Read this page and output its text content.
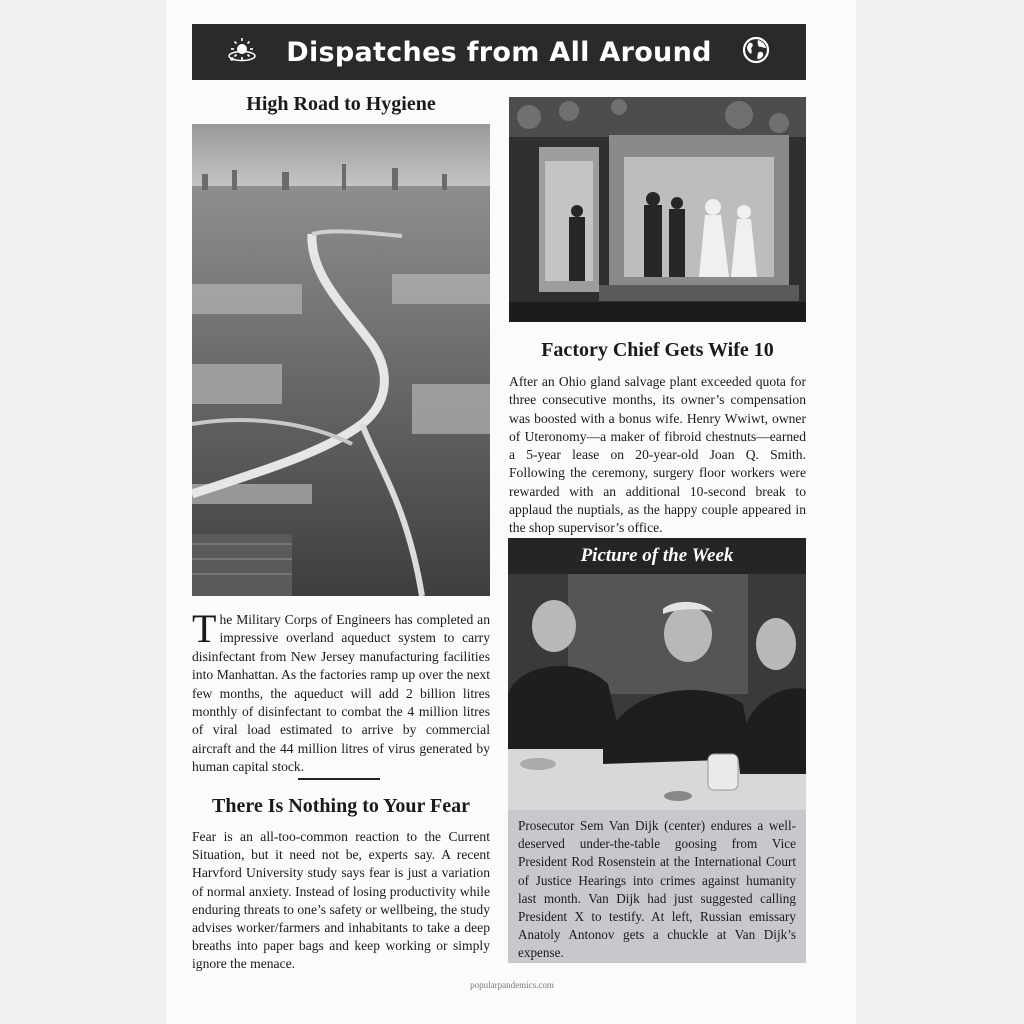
Dispatches from All Around
High Road to Hygiene
The Military Corps of Engineers has completed an impressive overland aqueduct system to carry disinfectant from New Jersey manufacturing facilities into Manhattan. As the factories ramp up over the next few months, the aqueduct will add 2 billion litres monthly of disinfectant to combat the 4 million litres of viral load estimated to arrive by commercial aircraft and the 44 million litres of virus generated by human capital stock.
There Is Nothing to Your Fear
Fear is an all-too-common reaction to the Current Situation, but it need not be, experts say. A recent Harvford University study says fear is just a variation of normal anxiety. Instead of losing productivity while enduring threats to one’s safety or wellbeing, the study advises worker/farmers and inhabitants to take a deep breaths into paper bags and keep working or simply ignore the menace.
Factory Chief Gets Wife 10
After an Ohio gland salvage plant exceeded quota for three consecutive months, its owner’s compensation was boosted with a bonus wife. Henry Wwiwt, owner of Uteronomy—a maker of fibroid chestnuts—earned a 5-year lease on 20-year-old Joan Q. Smith. Following the ceremony, surgery floor workers were rewarded with an additional 10-second break to applaud the nuptials, as the happy couple appeared in the shop supervisor’s office.
Picture of the Week
Prosecutor Sem Van Dijk (center) endures a well-deserved under-the-table goosing from Vice President Rod Rosenstein at the International Court of Justice Hearings into crimes against humanity last month. Van Dijk had just suggested calling President X to testify. At left, Russian emissary Anatoly Antonov gets a chuckle at Van Dijk’s expense.
popularpandemics.com
